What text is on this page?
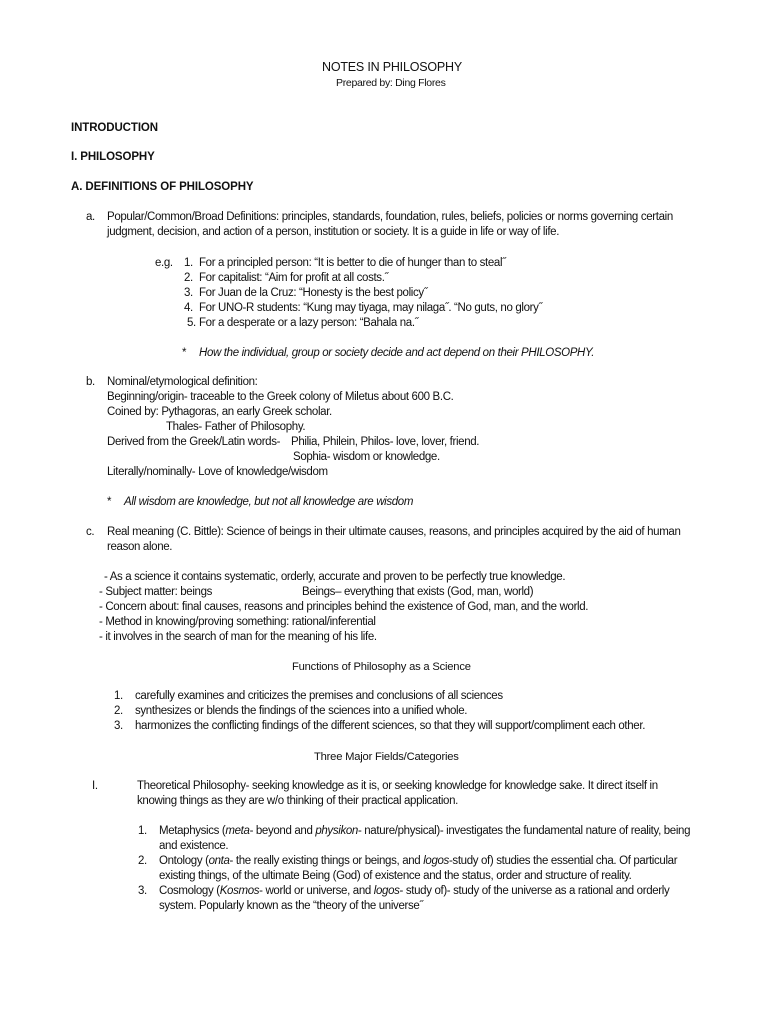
NOTES IN PHILOSOPHY
Prepared by: Ding Flores
INTRODUCTION
I. PHILOSOPHY
A. DEFINITIONS OF PHILOSOPHY
a. Popular/Common/Broad Definitions: principles, standards, foundation, rules, beliefs, policies or norms governing certain
judgment, decision, and action of a person, institution or society. It is a guide in life or way of life.
e.g. 1. For a principled person: “It is better to die of hunger than to steal˝
2. For capitalist: “Aim for profit at all costs.˝
3. For Juan de la Cruz: “Honesty is the best policy˝
4. For UNO-R students: “Kung may tiyaga, may nilaga˝. “No guts, no glory˝
5. For a desperate or a lazy person: “Bahala na.˝
* How the individual, group or society decide and act depend on their PHILOSOPHY.
b. Nominal/etymological definition:
Beginning/origin- traceable to the Greek colony of Miletus about 600 B.C.
Coined by: Pythagoras, an early Greek scholar.
Thales- Father of Philosophy.
Derived from the Greek/Latin words- Philia, Philein, Philos- love, lover, friend.
Sophia- wisdom or knowledge.
Literally/nominally- Love of knowledge/wisdom
* All wisdom are knowledge, but not all knowledge are wisdom
c. Real meaning (C. Bittle): Science of beings in their ultimate causes, reasons, and principles acquired by the aid of human
reason alone.
- As a science it contains systematic, orderly, accurate and proven to be perfectly true knowledge.
- Subject matter: beings	Beings– everything that exists (God, man, world)
- Concern about: final causes, reasons and principles behind the existence of God, man, and the world.
- Method in knowing/proving something: rational/inferential
- it involves in the search of man for the meaning of his life.
Functions of Philosophy as a Science
1. carefully examines and criticizes the premises and conclusions of all sciences
2. synthesizes or blends the findings of the sciences into a unified whole.
3. harmonizes the conflicting findings of the different sciences, so that they will support/compliment each other.
Three Major Fields/Categories
I.	Theoretical Philosophy- seeking knowledge as it is, or seeking knowledge for knowledge sake. It direct itself in
knowing things as they are w/o thinking of their practical application.
1. Metaphysics (meta- beyond and physikon- nature/physical)- investigates the fundamental nature of reality, being
and existence.
2. Ontology (onta- the really existing things or beings, and logos-study of) studies the essential cha. Of particular
existing things, of the ultimate Being (God) of existence and the status, order and structure of reality.
3. Cosmology (Kosmos- world or universe, and logos- study of)- study of the universe as a rational and orderly
system. Popularly known as the “theory of the universe˝
